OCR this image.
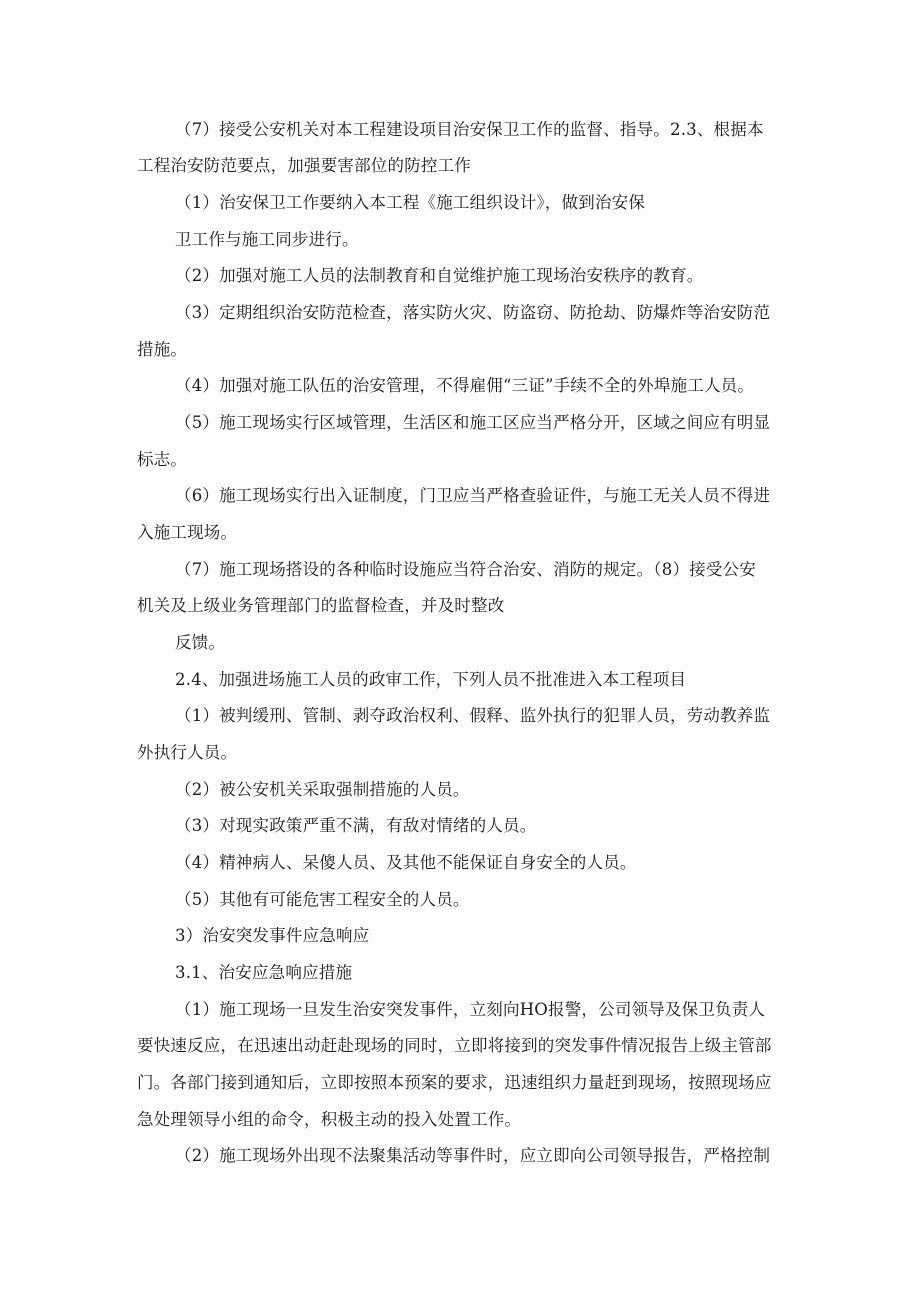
（7）接受公安机关对本工程建设项目治安保卫工作的监督、指导。2.3、根据本
工程治安防范要点，加强要害部位的防控工作
（1）治安保卫工作要纳入本工程《施工组织设计》，做到治安保
卫工作与施工同步进行。
（2）加强对施工人员的法制教育和自觉维护施工现场治安秩序的教育。
（3）定期组织治安防范检查，落实防火灾、防盗窃、防抢劫、防爆炸等治安防范
措施。
（4）加强对施工队伍的治安管理，不得雇佣“三证”手续不全的外埠施工人员。
（5）施工现场实行区域管理，生活区和施工区应当严格分开，区域之间应有明显
标志。
（6）施工现场实行出入证制度，门卫应当严格查验证件，与施工无关人员不得进
入施工现场。
（7）施工现场搭设的各种临时设施应当符合治安、消防的规定。（8）接受公安
机关及上级业务管理部门的监督检查，并及时整改
反馈。
2.4、加强进场施工人员的政审工作，下列人员不批准进入本工程项目
（1）被判缓刑、管制、剥夺政治权利、假释、监外执行的犯罪人员，劳动教养监
外执行人员。
（2）被公安机关采取强制措施的人员。
（3）对现实政策严重不满，有敌对情绪的人员。
（4）精神病人、呆傻人员、及其他不能保证自身安全的人员。
（5）其他有可能危害工程安全的人员。
3）治安突发事件应急响应
3.1、治安应急响应措施
（1）施工现场一旦发生治安突发事件，立刻向HO报警，公司领导及保卫负责人
要快速反应，在迅速出动赶赴现场的同时，立即将接到的突发事件情况报告上级主管部
门。各部门接到通知后，立即按照本预案的要求，迅速组织力量赶到现场，按照现场应
急处理领导小组的命令，积极主动的投入处置工作。
（2）施工现场外出现不法聚集活动等事件时，应立即向公司领导报告，严格控制
